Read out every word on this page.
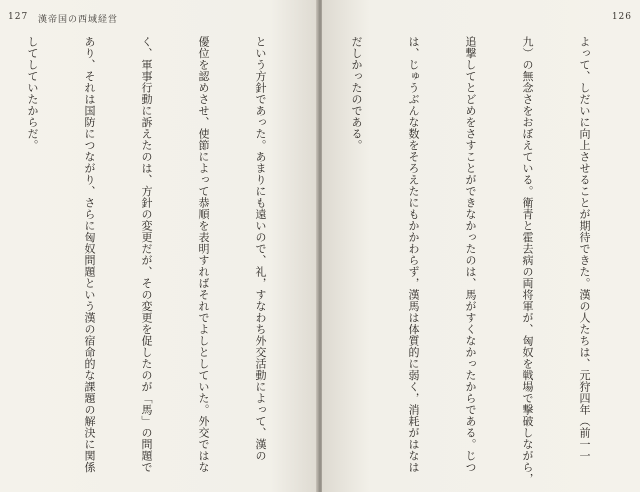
127 漢帝国の西域経営

という方針であった。あまりにも遠いので、礼，すなわち外交活動によって、漢の

優位を認めさせ、使節によって恭順を表明すればそれでよしとしていた。外交ではな

く、軍事行動に訴えたのは、方針の変更だが、その変更を促したのが「馬」の問題で

あり、それは国防につながり、さらに匈奴問題という漢の宿命的な課題の解決に関係

してしていたからだ。

126

よって、しだいに向上させることが期待できた。漢の人たちは、元狩四年（前一一

九）の無念さをおぼえている。衛青と霍去病の両将軍が、匈奴を戦場で撃破しながら，

追撃してとどめをさすことができなかったのは、馬がすくなかったからである。じつ

は、じゅうぶんな数をそろえたにもかかわらず，漢馬は体質的に弱く，消耗がはなは

だしかったのである。
